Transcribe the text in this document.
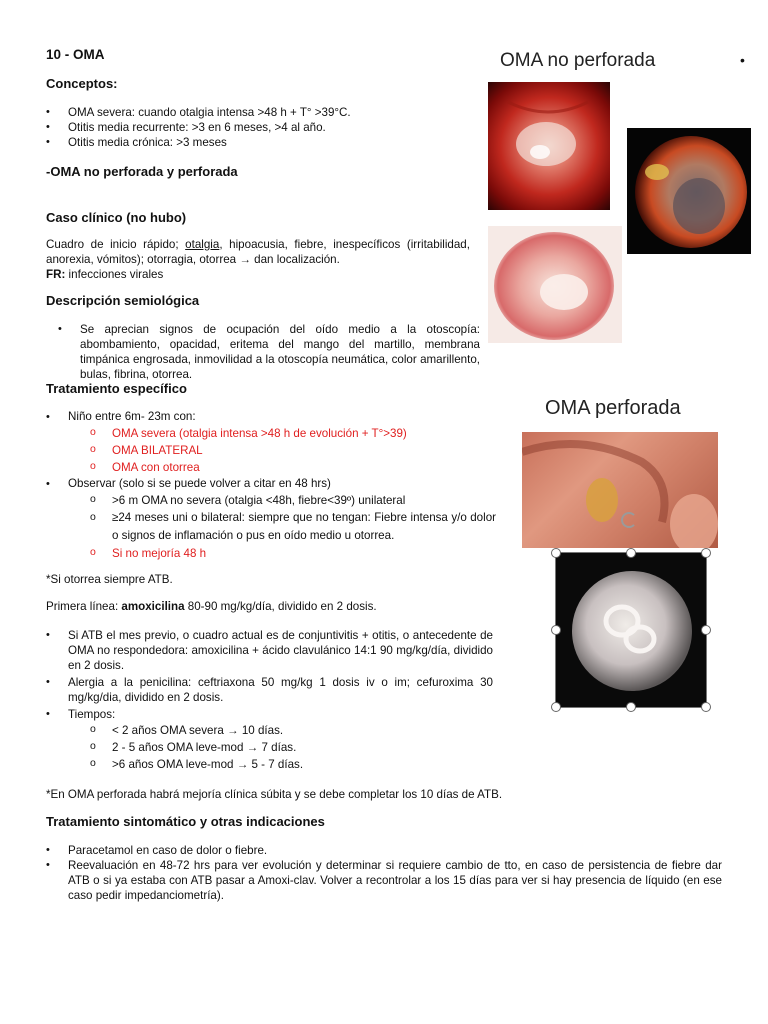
10 - OMA
Conceptos:
• OMA severa: cuando otalgia intensa >48 h + T° >39°C.
• Otitis media recurrente: >3 en 6 meses, >4 al año.
• Otitis media crónica: >3 meses
-OMA no perforada y perforada
Caso clínico (no hubo)
Cuadro de inicio rápido; otalgia, hipoacusia, fiebre, inespecíficos (irritabilidad, anorexia, vómitos); otorragia, otorrea → dan localización.
FR: infecciones virales
Descripción semiológica
• Se aprecian signos de ocupación del oído medio a la otoscopía: abombamiento, opacidad, eritema del mango del martillo, membrana timpánica engrosada, inmovilidad a la otoscopía neumática, color amarillento, bulas, fibrina, otorrea.
Tratamiento específico
• Niño entre 6m- 23m con:
o OMA severa (otalgia intensa >48 h de evolución + T°>39)
o OMA BILATERAL
o OMA con otorrea
• Observar (solo si se puede volver a citar en 48 hrs)
o >6 m OMA no severa (otalgia <48h, fiebre<39º) unilateral
o ≥24 meses uni o bilateral: siempre que no tengan: Fiebre intensa y/o dolor o signos de inflamación o pus en oído medio u otorrea.
o Si no mejoría 48 h
*Si otorrea siempre ATB.
Primera línea: amoxicilina 80-90 mg/kg/día, dividido en 2 dosis.
• Si ATB el mes previo, o cuadro actual es de conjuntivitis + otitis, o antecedente de OMA no respondedora: amoxicilina + ácido clavulánico 14:1 90 mg/kg/día, dividido en 2 dosis.
• Alergia a la penicilina: ceftriaxona 50 mg/kg 1 dosis iv o im; cefuroxima 30 mg/kg/dia, dividido en 2 dosis.
• Tiempos:
o < 2 años OMA severa → 10 días.
o 2 - 5 años OMA leve-mod → 7 días.
o >6 años OMA leve-mod → 5 - 7 días.
*En OMA perforada habrá mejoría clínica súbita y se debe completar los 10 días de ATB.
Tratamiento sintomático y otras indicaciones
• Paracetamol en caso de dolor o fiebre.
• Reevaluación en 48-72 hrs para ver evolución y determinar si requiere cambio de tto, en caso de persistencia de fiebre dar ATB o si ya estaba con ATB pasar a Amoxi-clav. Volver a recontrolar a los 15 días para ver si hay presencia de líquido (en ese caso pedir impedanciometría).
OMA no perforada	•
OMA perforada
